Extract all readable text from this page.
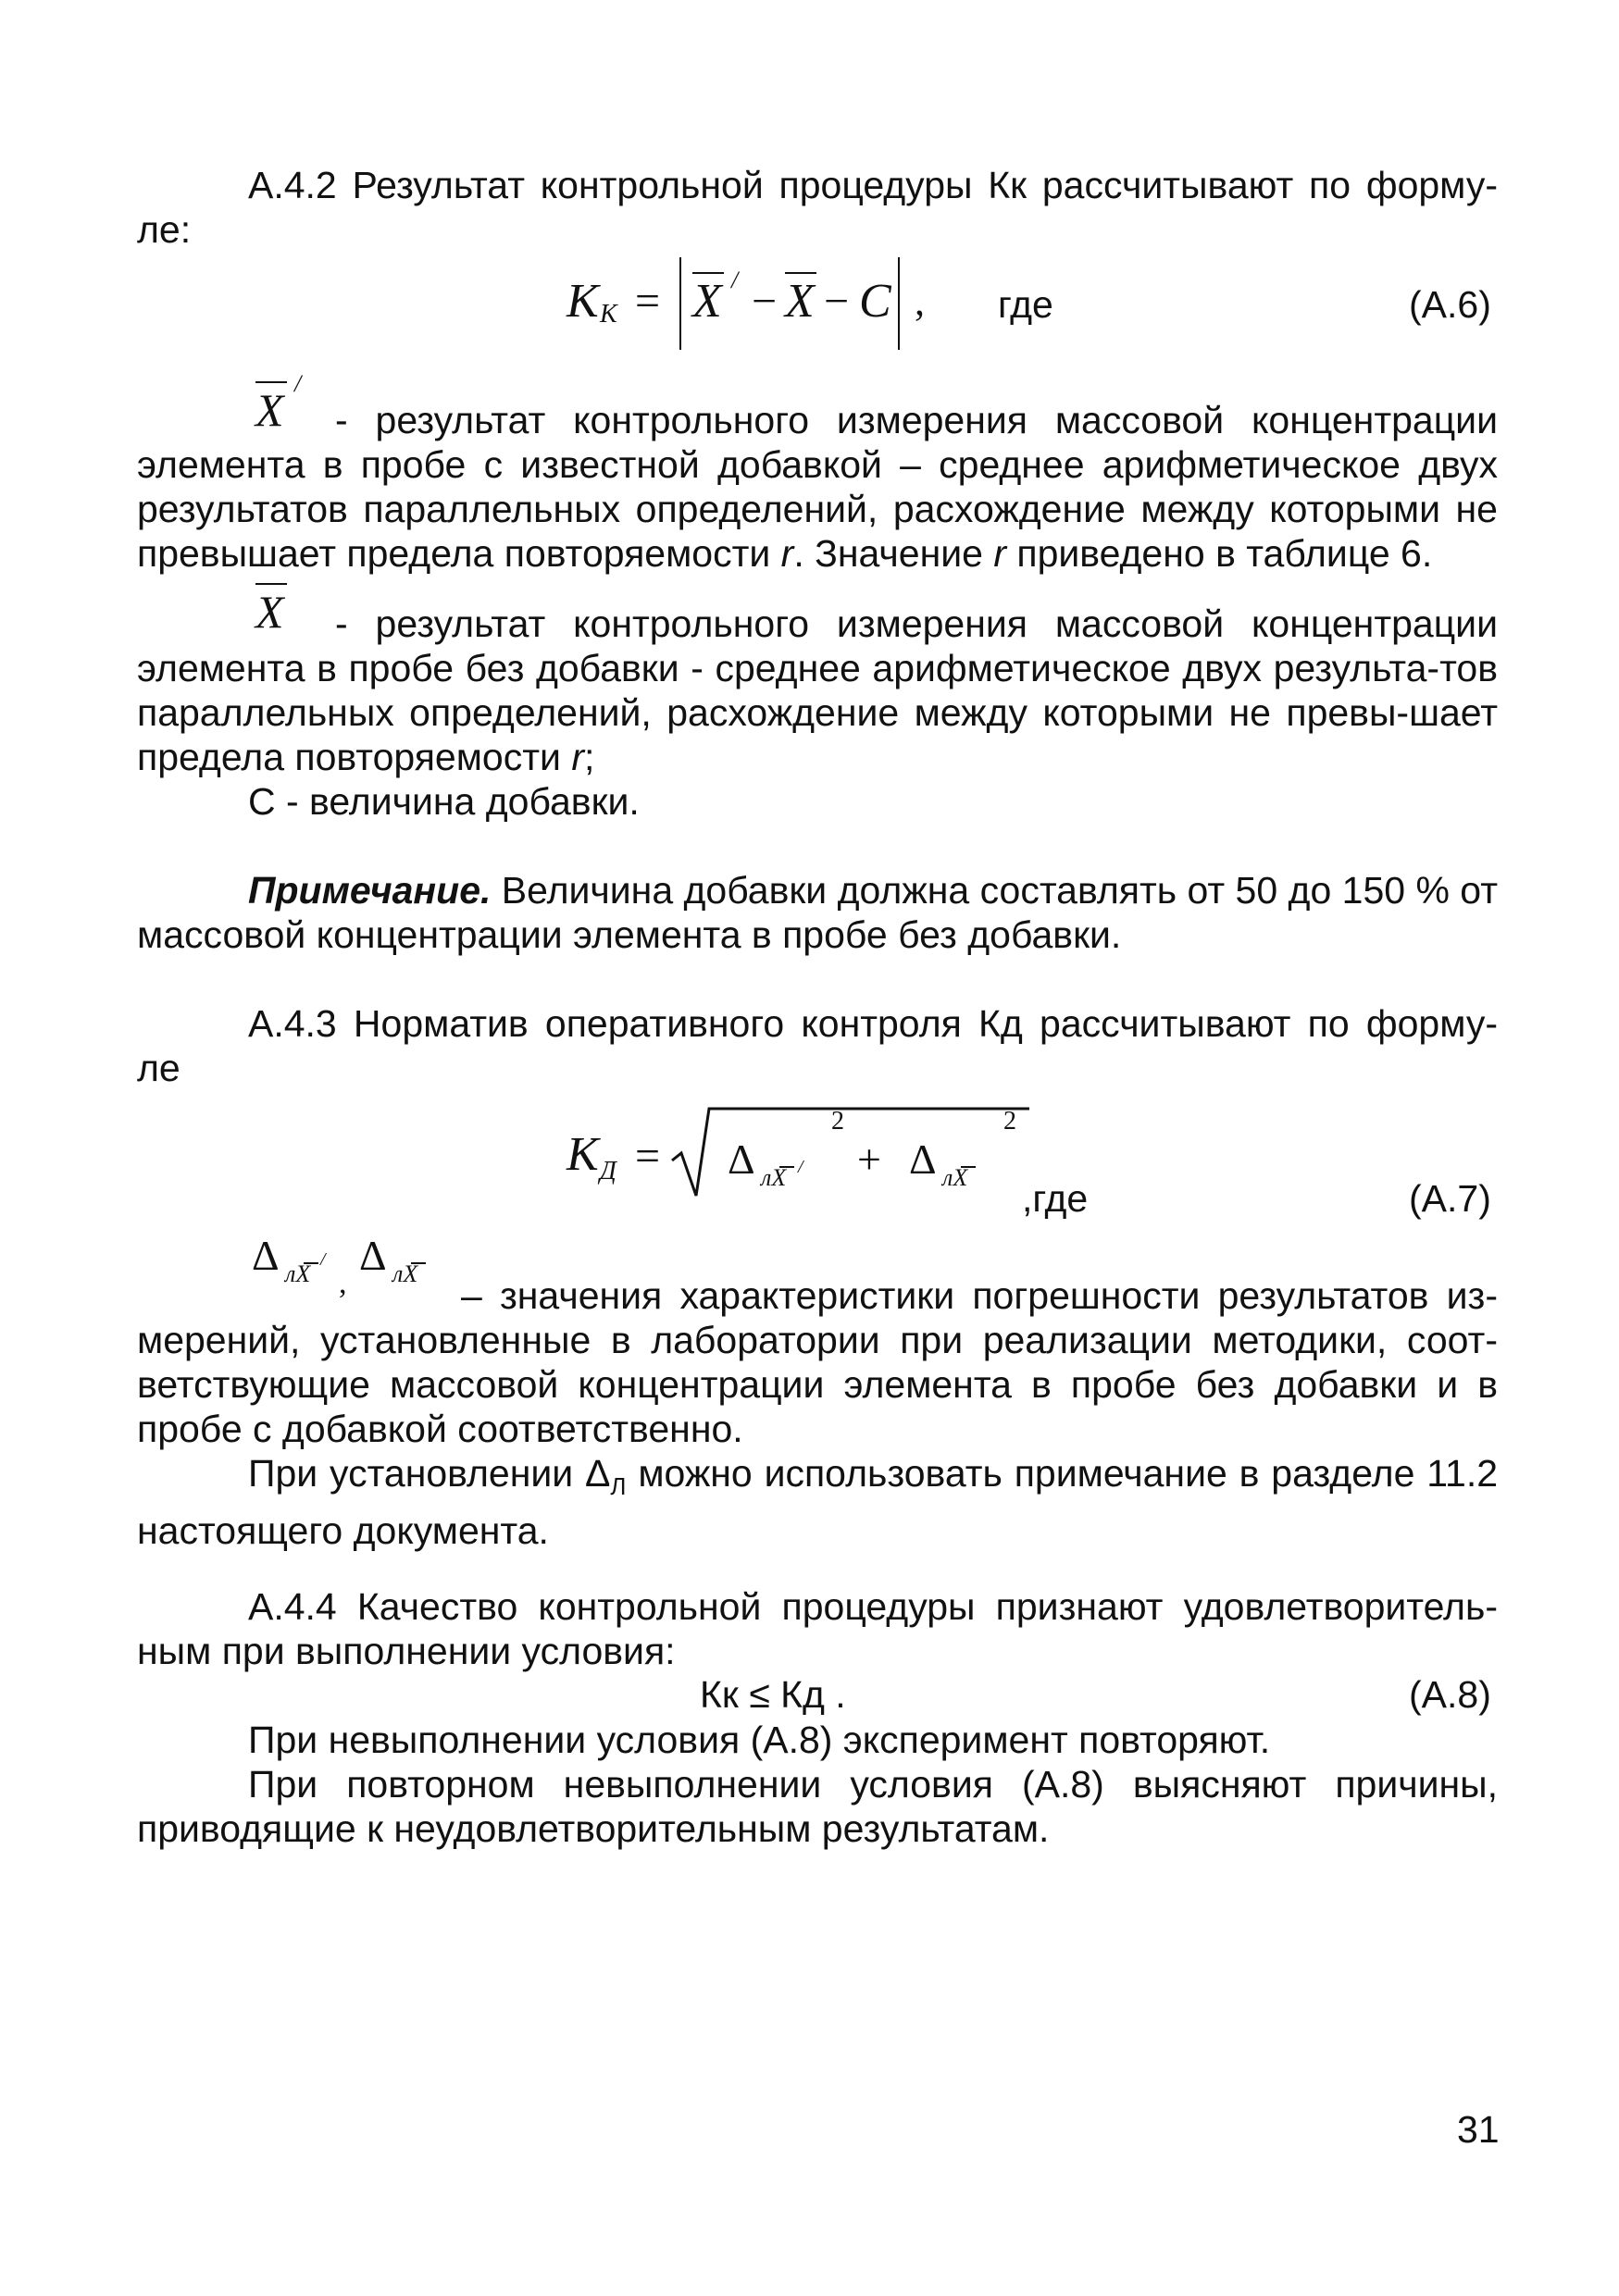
А.4.2 Результат контрольной процедуры Кк рассчитывают по форму-

ле:

K K = X / − X − C , где	(А.6)
X
/

- результат контрольного измерения массовой концентрации

элемента в пробе с известной добавкой – среднее арифметическое двух результатов параллельных определений, расхождение между которыми не превышает предела повторяемости r. Значение r приведено в таблице 6.

X - результат контрольного измерения массовой концентрации

элемента в пробе без добавки - среднее арифметическое двух результа-тов параллельных определений, расхождение между которыми не превы-шает предела повторяемости r;

С - величина добавки.

Примечание. Величина добавки должна составлять от 50 до 150 % от массовой концентрации элемента в пробе без добавки.

А.4.3 Норматив оперативного контроля Кд рассчитывают по форму-

ле

K Д = Δ лX /
2
+ Δ лX
2
,где	(А.7)
Δ лX
/
,
Δ лX

– значения характеристики погрешности результатов из-

мерений, установленные в лаборатории при реализации методики, соот-ветствующие массовой концентрации элемента в пробе без добавки и в пробе с добавкой соответственно.

При установлении $\Delta_Л$ можно использовать примечание в разделе 11.2 настоящего документа.

А.4.4 Качество контрольной процедуры признают удовлетворитель-ным при выполнении условия:

Кк ≤ Кд .	(А.8)

При невыполнении условия (А.8) эксперимент повторяют.

При повторном невыполнении условия (А.8) выясняют причины, приводящие к неудовлетворительным результатам.

31
